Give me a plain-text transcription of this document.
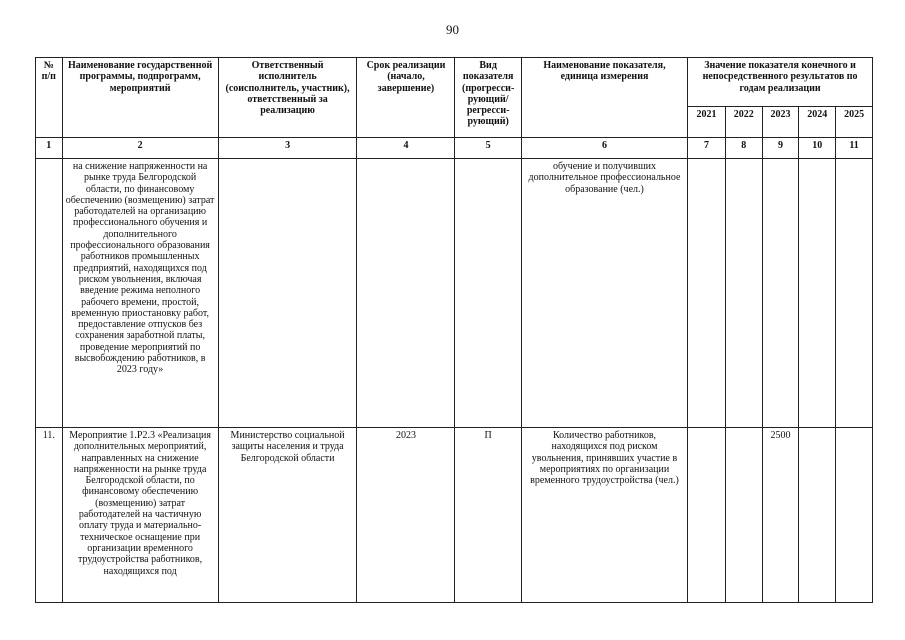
90
№ п/п	Наименование государственной программы, подпрограмм, мероприятий	Ответственный исполнитель (соисполнитель, участник), ответственный за реализацию	Срок реализации (начало, завершение)	Вид показателя (прогресси-рующий/ регресси-рующий)	Наименование показателя, единица измерения	Значение показателя конечного и непосредственного результатов по годам реализации				
						2021	2022	2023	2024	2025
1	2	3	4	5	6	7	8	9	10	11
	на снижение напряженности на рынке труда Белгородской области, по финансовому обеспечению (возмещению) затрат работодателей на организацию профессионального обучения и дополнительного профессионального образования работников промышленных предприятий, находящихся под риском увольнения, включая введение режима неполного рабочего времени, простой, временную приостановку работ, предоставление отпусков без сохранения заработной платы, проведение мероприятий по высвобождению работников, в 2023 году»				обучение и получивших дополнительное профессиональное образование (чел.)					
11.	Мероприятие 1.Р2.3 «Реализация дополнительных мероприятий, направленных на снижение напряженности на рынке труда Белгородской области, по финансовому обеспечению (возмещению) затрат работодателей на частичную оплату труда и материально-техническое оснащение при организации временного трудоустройства работников, находящихся под	Министерство социальной защиты населения и труда Белгородской области	2023	П	Количество работников, находящихся под риском увольнения, принявших участие в мероприятиях по организации временного трудоустройства (чел.)			2500		
